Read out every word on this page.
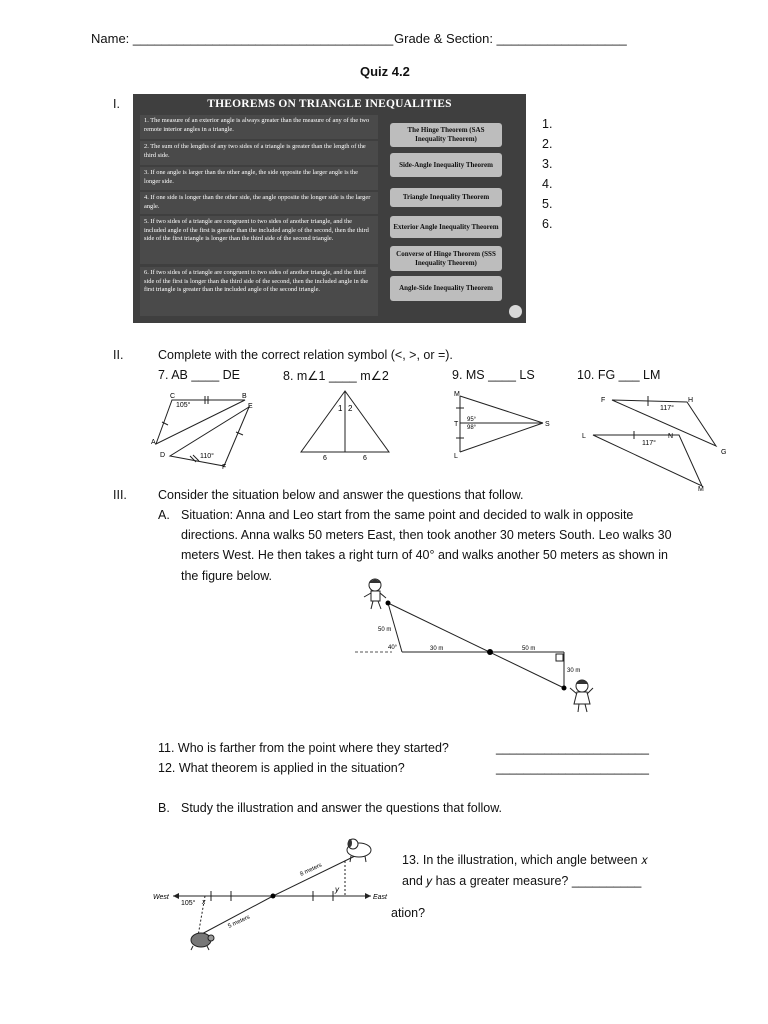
Name: ____________________________________ Grade & Section: __________________
Quiz 4.2
I.	THEOREMS ON TRIANGLE INEQUALITIES
1. The measure of an exterior angle is always greater than the measure of any of the two remote interior angles in a triangle.
2. The sum of the lengths of any two sides of a triangle is greater than the length of the third side.
3. If one angle is larger than the other angle, the side opposite the larger angle is the longer side.
4. If one side is longer than the other side, the angle opposite the longer side is the larger angle.
5. If two sides of a triangle are congruent to two sides of another triangle, and the included angle of the first is greater than the included angle of the second, then the third side of the first triangle is longer than the third side of the second triangle.
6. If two sides of a triangle are congruent to two sides of another triangle, and the third side of the first is longer than the third side of the second, then the included angle in the first triangle is greater than the included angle of the second triangle.
The Hinge Theorem (SAS Inequality Theorem)
Side-Angle Inequality Theorem
Triangle Inequality Theorem
Exterior Angle Inequality Theorem
Converse of Hinge Theorem (SSS Inequality Theorem)
Angle-Side Inequality Theorem
1.
2.
3.
4.
5.
6.
II.	Complete with the correct relation symbol (<, >, or =).
7. AB ____ DE	8. m∠1 ____ m∠2	9. MS ____ LS	10. FG ___ LM
C	B
E
A
D
F
105°
110°
1 2
6	6
M
T
L
S
95°
98°
F	H
L	N
G
M
117°
117°
III. Consider the situation below and answer the questions that follow.
A. Situation: Anna and Leo start from the same point and decided to walk in opposite
directions. Anna walks 50 meters East, then took another 30 meters South. Leo walks 30
meters West. He then takes a right turn of 40° and walks another 50 meters as shown in
the figure below.
50 m
40°	30 m	50 m
30 m
11. Who is farther from the point where they started?	______________________
12. What theorem is applied in the situation?	______________________
B. Study the illustration and answer the questions that follow.
West	East
105° x
y
8 meters
5 meters
13. In the illustration, which angle between 𝑥
and 𝑦 has a greater measure? __________
ation?
